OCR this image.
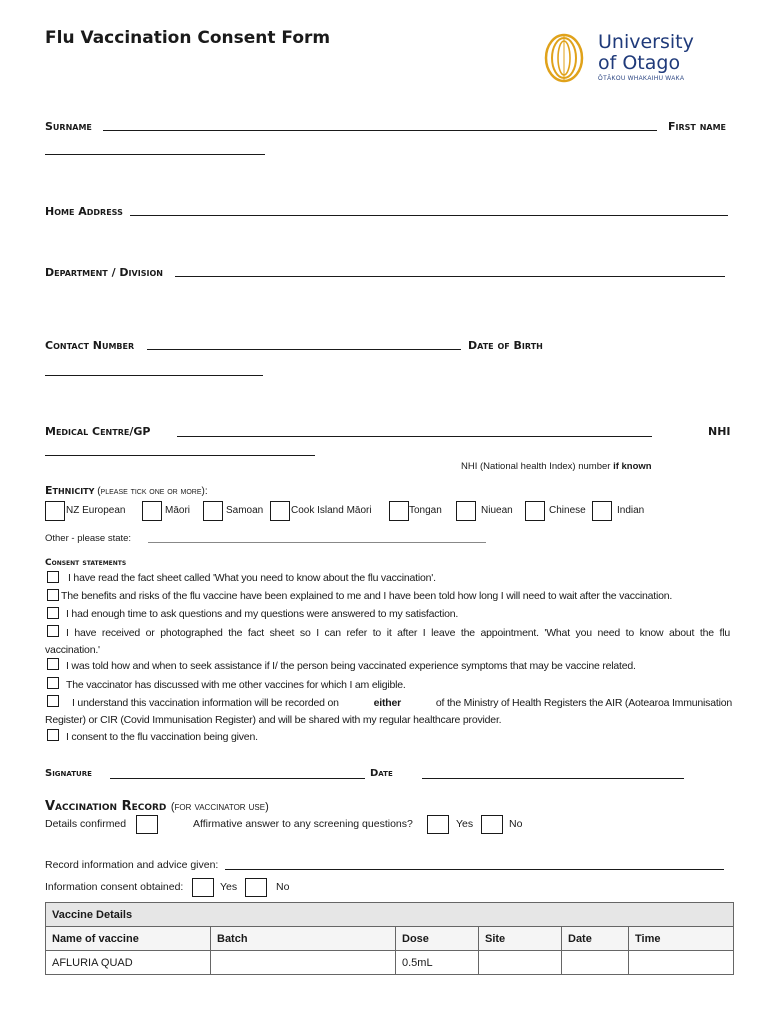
Flu Vaccination Consent Form	University
of Otago
ŌTĀKOU WHAKAIHU WAKA
Surname	First name
Home Address
Department / Division
Contact Number	Date of Birth
Medical Centre/GP	NHI
NHI (National health Index) number if known
Ethnicity (please tick one or more):
NZ European	Māori	Samoan	Cook Island Māori	Tongan	Niuean	Chinese	Indian
Other - please state:
Consent statements
I have read the fact sheet called 'What you need to know about the flu vaccination'.
The benefits and risks of the flu vaccine have been explained to me and I have been told how long I will need to wait after the vaccination.
I had enough time to ask questions and my questions were answered to my satisfaction.
I have received or photographed the fact sheet so I can refer to it after I leave the appointment. 'What you need to know about the flu
vaccination.'
I was told how and when to seek assistance if I/ the person being vaccinated experience symptoms that may be vaccine related.
The vaccinator has discussed with me other vaccines for which I am eligible.
I understand this vaccination information will be recorded on	either	of the Ministry of Health Registers the AIR (Aotearoa Immunisation
Register) or CIR (Covid Immunisation Register) and will be shared with my regular healthcare provider.
I consent to the flu vaccination being given.
Signature	Date
Vaccination Record (for vaccinator use)
Details confirmed	Affirmative answer to any screening questions?	Yes	No
Record information and advice given:
Information consent obtained:	Yes	No
Vaccine Details					
Name of vaccine	Batch	Dose	Site	Date	Time
AFLURIA QUAD		0.5mL			
